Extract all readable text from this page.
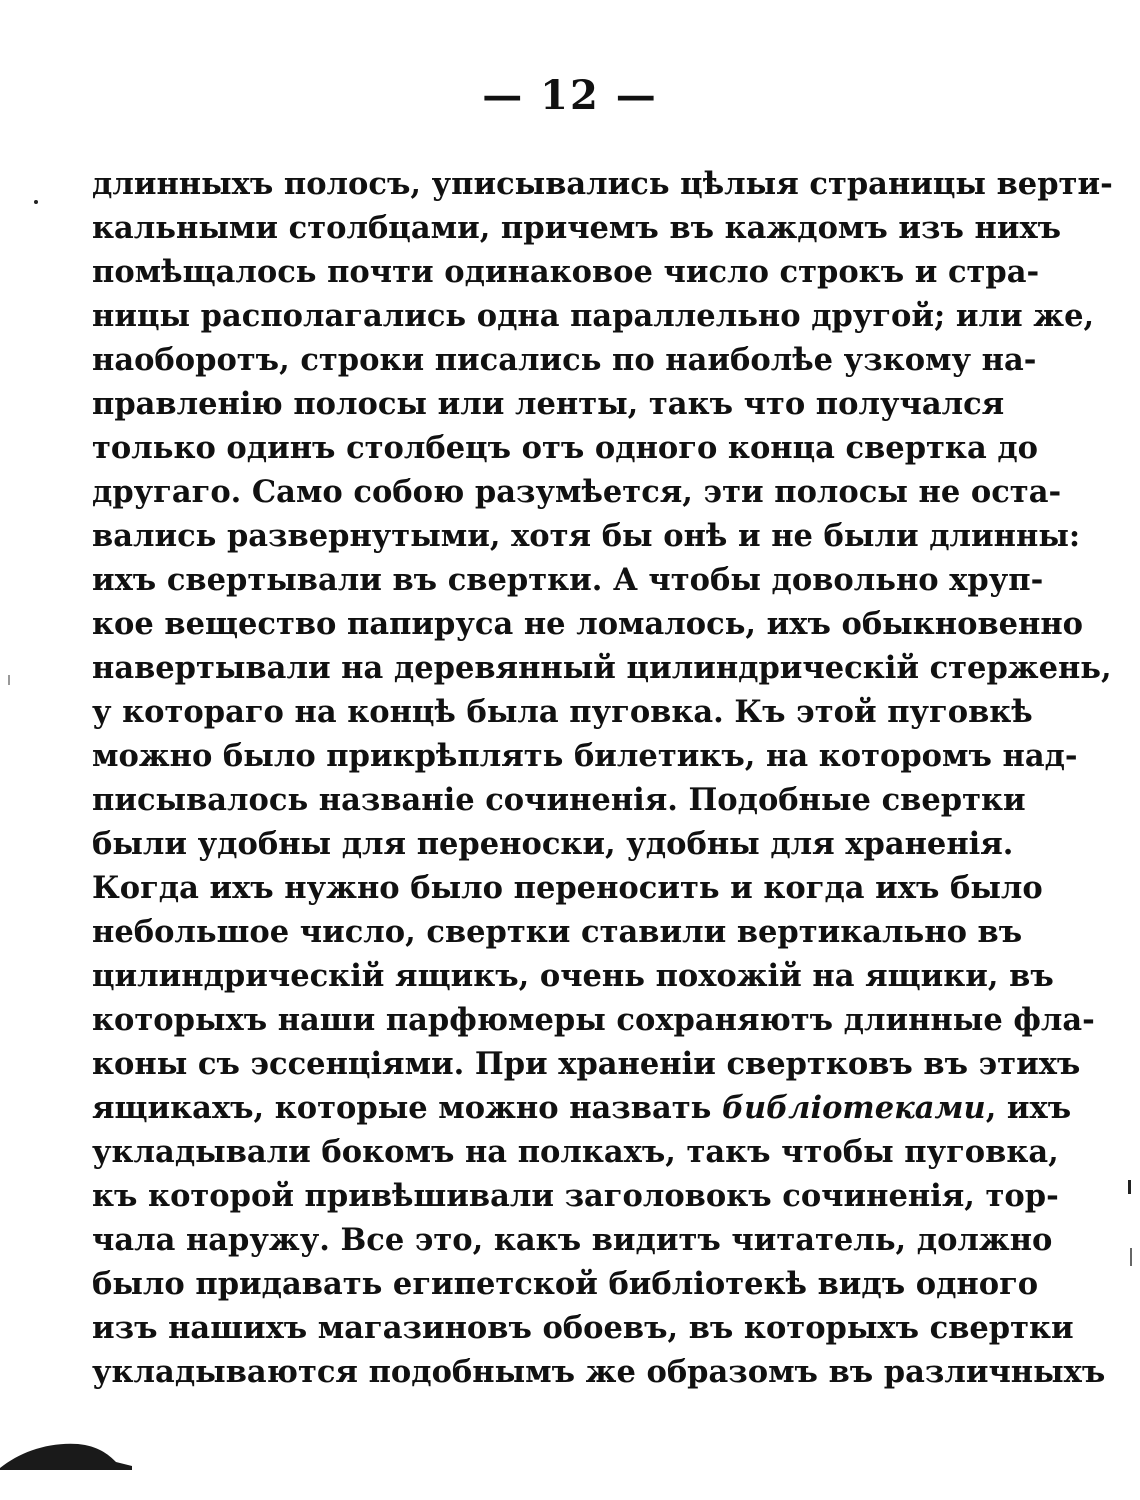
— 12 —
длинныхъ полосъ, уписывались цѣлыя страницы верти-
кальными столбцами, причемъ въ каждомъ изъ нихъ
помѣщалось почти одинаковое число строкъ и стра-
ницы располагались одна параллельно другой; или же,
наоборотъ, строки писались по наиболѣе узкому на-
правленію полосы или ленты, такъ что получался
только одинъ столбецъ отъ одного конца свертка до
другаго. Само собою разумѣется, эти полосы не оста-
вались развернутыми, хотя бы онѣ и не были длинны:
ихъ свертывали въ свертки. А чтобы довольно хруп-
кое вещество папируса не ломалось, ихъ обыкновенно
навертывали на деревянный цилиндрическій стержень,
у котораго на концѣ была пуговка. Къ этой пуговкѣ
можно было прикрѣплять билетикъ, на которомъ над-
писывалось названіе сочиненія. Подобные свертки
были удобны для переноски, удобны для храненія.
Когда ихъ нужно было переносить и когда ихъ было
небольшое число, свертки ставили вертикально въ
цилиндрическій ящикъ, очень похожій на ящики, въ
которыхъ наши парфюмеры сохраняютъ длинные фла-
коны съ эссенціями. При храненіи свертковъ въ этихъ
ящикахъ, которые можно назвать библіотеками, ихъ
укладывали бокомъ на полкахъ, такъ чтобы пуговка,
къ которой привѣшивали заголовокъ сочиненія, тор-
чала наружу. Все это, какъ видитъ читатель, должно
было придавать египетской библіотекѣ видъ одного
изъ нашихъ магазиновъ обоевъ, въ которыхъ свертки
укладываются подобнымъ же образомъ въ различныхъ
